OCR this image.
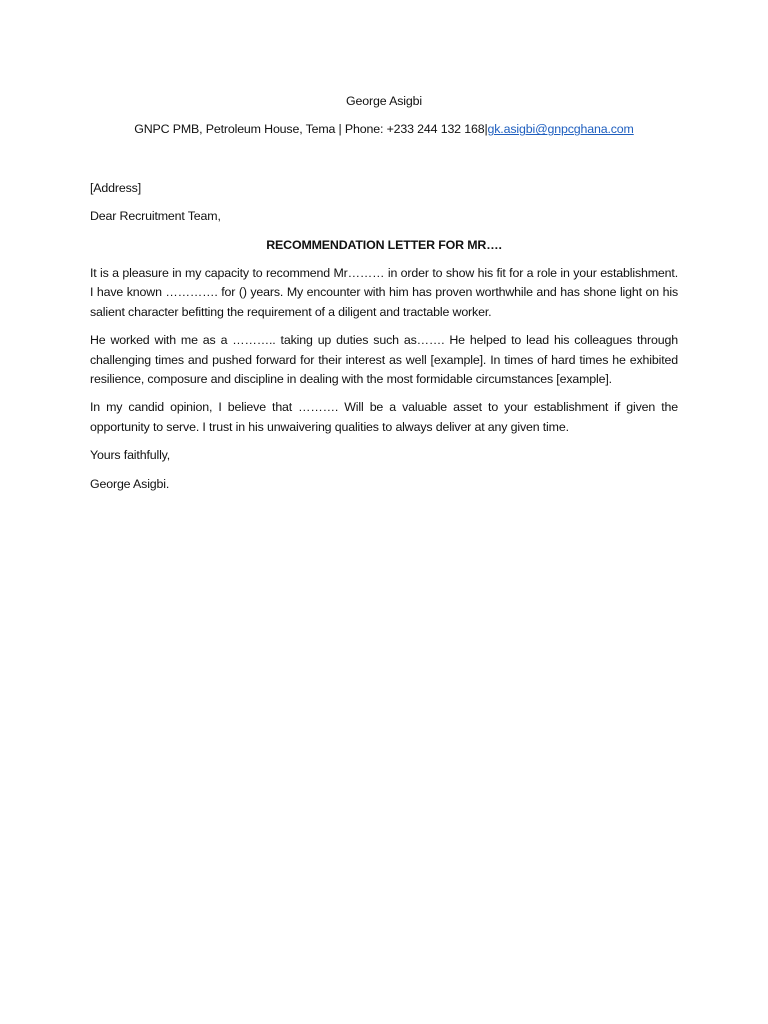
George Asigbi

GNPC PMB, Petroleum House, Tema | Phone: +233 244 132 168|gk.asigbi@gnpcghana.com

[Address]

Dear Recruitment Team,

RECOMMENDATION LETTER FOR MR….

It is a pleasure in my capacity to recommend Mr……… in order to show his fit for a role in your establishment. I have known …………. for () years. My encounter with him has proven worthwhile and has shone light on his salient character befitting the requirement of a diligent and tractable worker.

He worked with me as a ……….. taking up duties such as……. He helped to lead his colleagues through challenging times and pushed forward for their interest as well [example]. In times of hard times he exhibited resilience, composure and discipline in dealing with the most formidable circumstances [example].

In my candid opinion, I believe that ………. Will be a valuable asset to your establishment if given the opportunity to serve. I trust in his unwaivering qualities to always deliver at any given time.

Yours faithfully,

George Asigbi.
